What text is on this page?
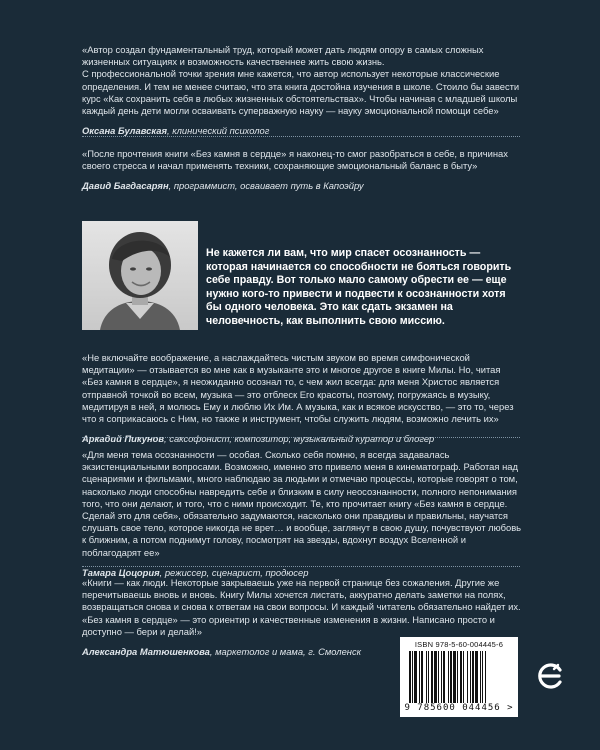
«Автор создал фундаментальный труд, который может дать людям опору в самых сложных жизненных ситуациях и возможность качественнее жить свою жизнь.
С профессиональной точки зрения мне кажется, что автор использует некоторые классические определения. И тем не менее считаю, что эта книга достойна изучения в школе. Стоило бы завести курс «Как сохранить себя в любых жизненных обстоятельствах». Чтобы начиная с младшей школы каждый день дети могли осваивать суперважную науку — науку эмоциональной помощи себе»

Оксана Булавская, клинический психолог

«После прочтения книги «Без камня в сердце» я наконец-то смог разобраться в себе, в причинах своего стресса и начал применять техники, сохраняющие эмоциональный баланс в быту»

Давид Багдасарян, программист, осваивает путь в Капоэйру

Не кажется ли вам, что мир спасет осознанность — которая начинается со способности не бояться говорить себе правду. Вот только мало самому обрести ее — еще нужно кого-то привести и подвести к осознанности хотя бы одного человека. Это как сдать экзамен на человечность, как выполнить свою миссию.

«Не включайте воображение, а наслаждайтесь чистым звуком во время симфонической медитации» — отзывается во мне как в музыканте это и многое другое в книге Милы. Но, читая «Без камня в сердце», я неожиданно осознал то, с чем жил всегда: для меня Христос является отправной точкой во всем, музыка — это отблеск Его красоты, поэтому, погружаясь в музыку, медитируя в ней, я молюсь Ему и люблю Их Им. А музыка, как и всякое искусство, — это то, через что я соприкасаюсь с Ним, но также и инструмент, чтобы служить людям, возможно лечить их»

Аркадий Пикунов, саксофонист, композитор, музыкальный куратор и блогер

«Для меня тема осознанности — особая. Сколько себя помню, я всегда задавалась экзистенциальными вопросами. Возможно, именно это привело меня в кинематограф. Работая над сценариями и фильмами, много наблюдаю за людьми и отмечаю процессы, которые говорят о том, насколько люди способны навредить себе и близким в силу неосознанности, полного непонимания того, что они делают, и того, что с ними происходит. Те, кто прочитает книгу «Без камня в сердце. Сделай это для себя», обязательно задумаются, насколько они правдивы и правильны, научатся слушать свое тело, которое никогда не врет… и вообще, заглянут в свою душу, почувствуют любовь к ближним, а потом поднимут голову, посмотрят на звезды, вдохнут воздух Вселенной и поблагодарят ее»

Тамара Цоцория, режиссер, сценарист, продюсер

«Книги — как люди. Некоторые закрываешь уже на первой странице без сожаления. Другие же перечитываешь вновь и вновь. Книгу Милы хочется листать, аккуратно делать заметки на полях, возвращаться снова и снова к ответам на свои вопросы. И каждый читатель обязательно найдет их. «Без камня в сердце» — это ориентир и качественные изменения в жизни. Написано просто и доступно — бери и делай!»

Александра Матюшенкова, маркетолог и мама, г. Смоленск
ISBN 978-5-60-004445-6
9 785600 044456 >
